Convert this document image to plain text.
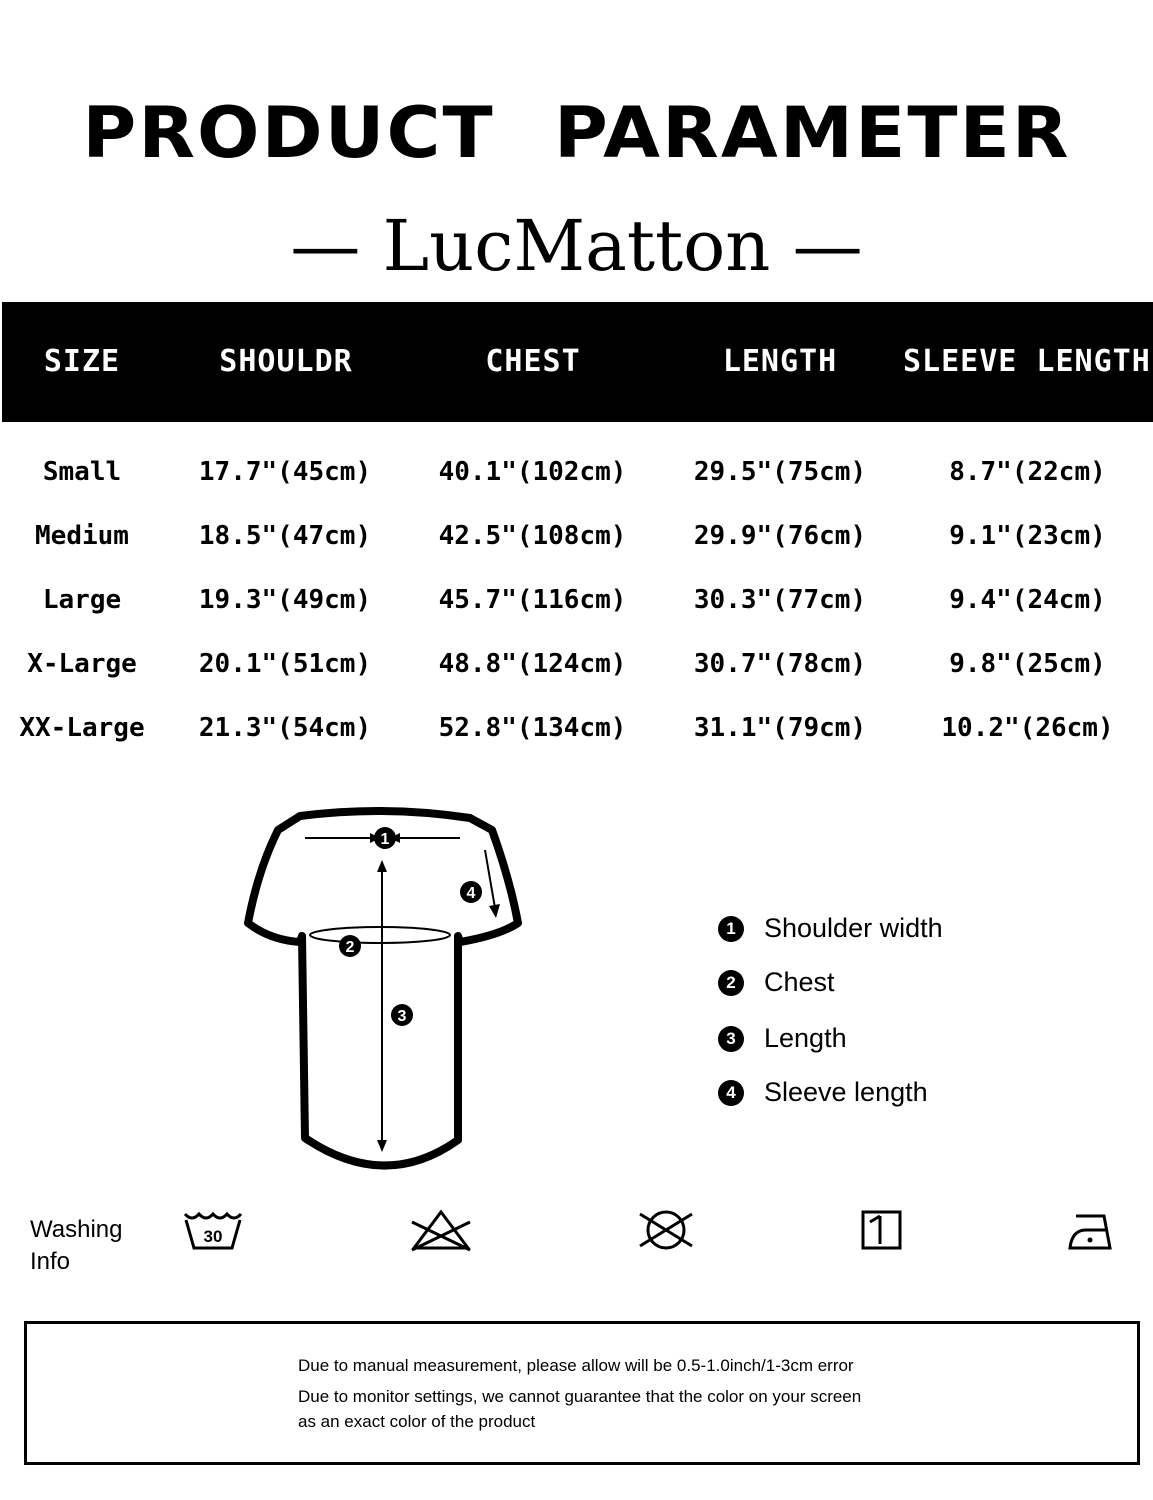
PRODUCT PARAMETER
— LucMatton —
SIZE	SHOULDR	CHEST	LENGTH	SLEEVE LENGTH
Small	17.7"(45cm)	40.1"(102cm)	29.5"(75cm)	8.7"(22cm)
Medium	18.5"(47cm)	42.5"(108cm)	29.9"(76cm)	9.1"(23cm)
Large	19.3"(49cm)	45.7"(116cm)	30.3"(77cm)	9.4"(24cm)
X-Large	20.1"(51cm)	48.8"(124cm)	30.7"(78cm)	9.8"(25cm)
XX-Large	21.3"(54cm)	52.8"(134cm)	31.1"(79cm)	10.2"(26cm)
1
2
3
4
1	Shoulder width
2	Chest
3	Length
4	Sleeve length
Washing
Info
30
Due to manual measurement, please allow will be 0.5-1.0inch/1-3cm error
Due to monitor settings, we cannot guarantee that the color on your screen
as an exact color of the product
